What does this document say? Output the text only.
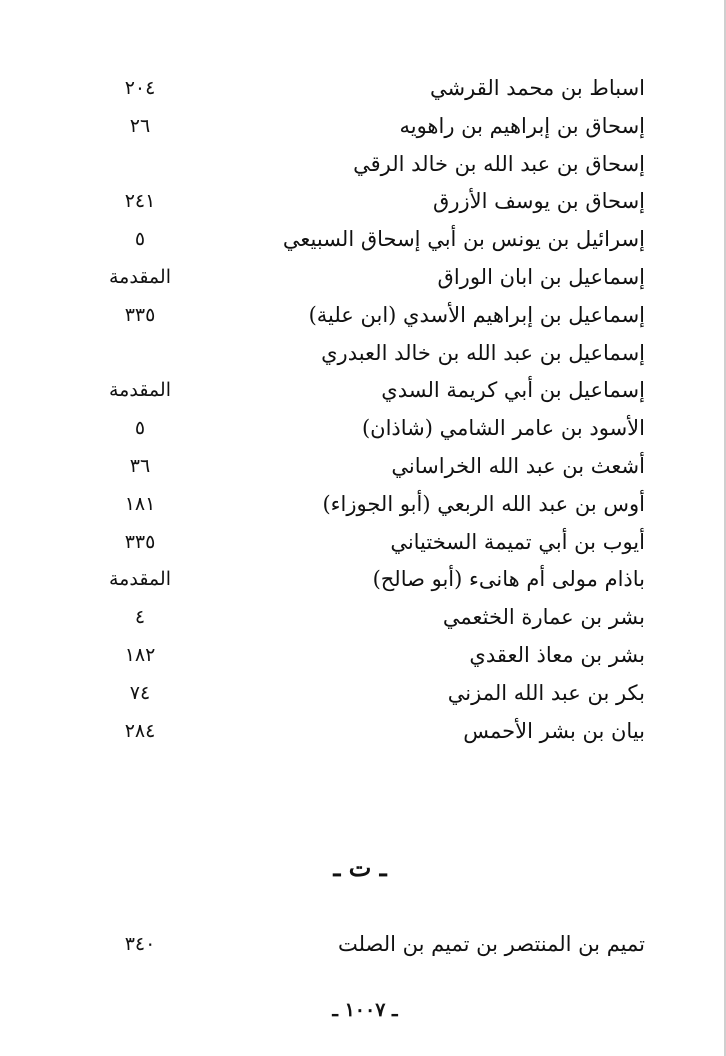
اسباط بن محمد القرشي
٢٠٤
إسحاق بن إبراهيم بن راهويه
٢٦
إسحاق بن عبد الله بن خالد الرقي
إسحاق بن يوسف الأزرق
٢٤١
إسرائيل بن يونس بن أبي إسحاق السبيعي
٥
إسماعيل بن ابان الوراق
المقدمة
إسماعيل بن إبراهيم الأسدي (ابن علية)
٣٣٥
إسماعيل بن عبد الله بن خالد العبدري
إسماعيل بن أبي كريمة السدي
المقدمة
الأسود بن عامر الشامي (شاذان)
٥
أشعث بن عبد الله الخراساني
٣٦
أوس بن عبد الله الربعي (أبو الجوزاء)
١٨١
أيوب بن أبي تميمة السختياني
٣٣٥
باذام مولى أم هانىء (أبو صالح)
المقدمة
بشر بن عمارة الخثعمي
٤
بشر بن معاذ العقدي
١٨٢
بكر بن عبد الله المزني
٧٤
بيان بن بشر الأحمس
٢٨٤
ـ ت ـ
تميم بن المنتصر بن تميم بن الصلت
٣٤٠
ـ ١٠٠٧ ـ
